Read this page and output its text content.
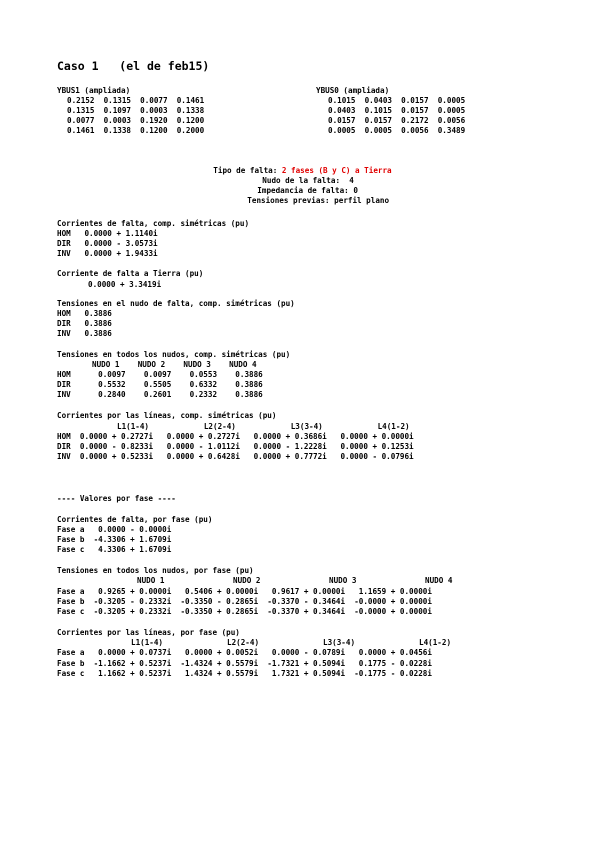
Caso 1   (el de feb15)
YBUS1 (ampliada)
0.2152  0.1315  0.0077  0.1461
0.1315  0.1097  0.0003  0.1338
0.0077  0.0003  0.1920  0.1200
0.1461  0.1338  0.1200  0.2000
YBUS0 (ampliada)
0.1015  0.0403  0.0157  0.0005
0.0403  0.1015  0.0157  0.0005
0.0157  0.0157  0.2172  0.0056
0.0005  0.0005  0.0056  0.3489

Tipo de falta: 2 fases (B y C) a Tierra

Nudo de la falta: 4

Impedancia de falta: 0

Tensiones previas: perfil plano

Corrientes de falta, comp. simétricas (pu)
HOM 0.0000 + 1.1140i
DIR 0.0000 - 3.0573i
INV 0.0000 + 1.9433i
Corriente de falta a Tierra (pu)
0.0000 + 3.3419i
Tensiones en el nudo de falta, comp. simétricas (pu)
HOM 0.3886
DIR 0.3886
INV 0.3886
Tensiones en todos los nudos, comp. simétricas (pu)
NUDO 1    NUDO 2    NUDO 3    NUDO 4
HOM	0.0097    0.0097    0.0553    0.3886
DIR	0.5532    0.5505    0.6332    0.3886
INV	0.2840    0.2601    0.2332    0.3886
Corrientes por las líneas, comp. simétricas (pu)
L1(1-4)            L2(2-4)            L3(3-4)            L4(1-2)
HOM 0.0000 + 0.2727i   0.0000 + 0.2727i   0.0000 + 0.3686i   0.0000 + 0.0000i
DIR 0.0000 - 0.8233i   0.0000 - 1.0112i   0.0000 - 1.2228i   0.0000 + 0.1253i
INV 0.0000 + 0.5233i   0.0000 + 0.6428i   0.0000 + 0.7772i   0.0000 - 0.0796i
---- Valores por fase ----
Corrientes de falta, por fase (pu)
Fase a   0.0000 - 0.0000i
Fase b -4.3306 + 1.6709i
Fase c   4.3306 + 1.6709i
Tensiones en todos los nudos, por fase (pu)
NUDO 1               NUDO 2               NUDO 3               NUDO 4
Fase a   0.9265 + 0.0000i   0.5406 + 0.0000i   0.9617 + 0.0000i   1.1659 + 0.0000i
Fase b -0.3205 - 0.2332i  -0.3350 - 0.2865i  -0.3370 - 0.3464i  -0.0000 + 0.0000i
Fase c -0.3205 + 0.2332i  -0.3350 + 0.2865i  -0.3370 + 0.3464i  -0.0000 + 0.0000i
Corrientes por las líneas, por fase (pu)
L1(1-4)              L2(2-4)              L3(3-4)              L4(1-2)
Fase a   0.0000 + 0.0737i   0.0000 + 0.0052i   0.0000 - 0.0789i   0.0000 + 0.0456i
Fase b -1.1662 + 0.5237i  -1.4324 + 0.5579i  -1.7321 + 0.5094i   0.1775 - 0.0228i
Fase c   1.1662 + 0.5237i   1.4324 + 0.5579i   1.7321 + 0.5094i  -0.1775 - 0.0228i
